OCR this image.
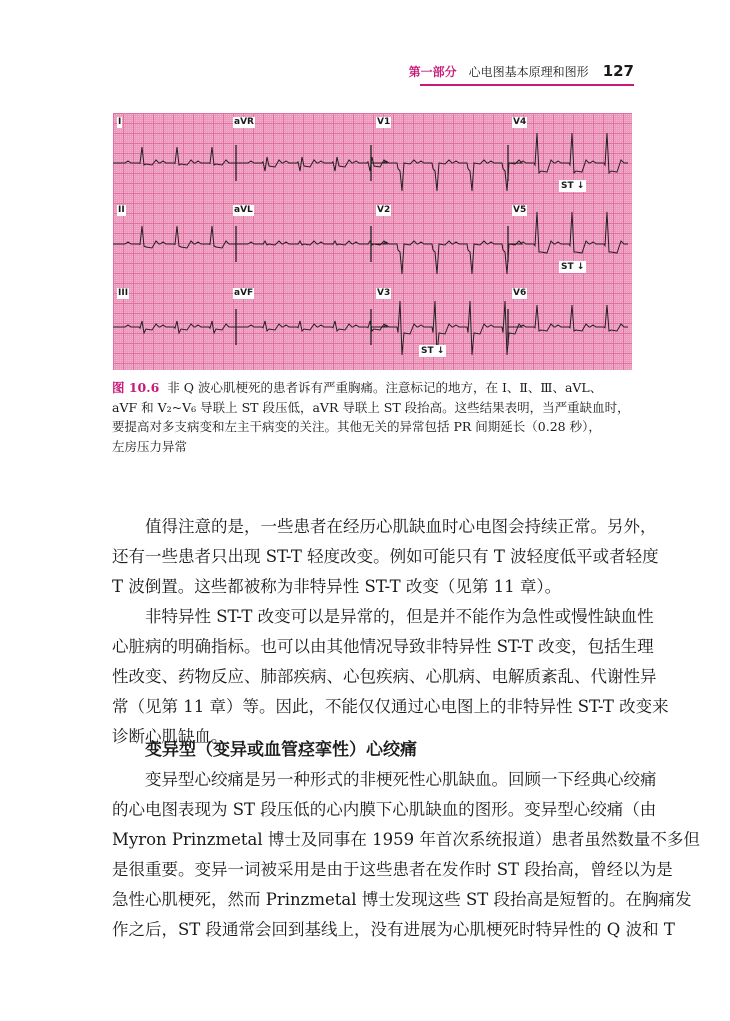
第一部分 心电图基本原理和图形 127
I	aVR	V1	V4
II	aVL	V2	V5
III	aVF	V3	V6
ST ↓
ST ↓
ST ↓
图 10.6 非 Q 波心肌梗死的患者诉有严重胸痛。注意标记的地方，在 Ⅰ、Ⅱ、Ⅲ、aVL、
aVF 和 V₂~V₆ 导联上 ST 段压低，aVR 导联上 ST 段抬高。这些结果表明，当严重缺血时，
要提高对多支病变和左主干病变的关注。其他无关的异常包括 PR 间期延长（0.28 秒），
左房压力异常
值得注意的是，一些患者在经历心肌缺血时心电图会持续正常。另外，
还有一些患者只出现 ST-T 轻度改变。例如可能只有 T 波轻度低平或者轻度
T 波倒置。这些都被称为非特异性 ST-T 改变（见第 11 章）。
非特异性 ST-T 改变可以是异常的，但是并不能作为急性或慢性缺血性
心脏病的明确指标。也可以由其他情况导致非特异性 ST-T 改变，包括生理
性改变、药物反应、肺部疾病、心包疾病、心肌病、电解质紊乱、代谢性异
常（见第 11 章）等。因此，不能仅仅通过心电图上的非特异性 ST-T 改变来
诊断心肌缺血。
变异型（变异或血管痉挛性）心绞痛
变异型心绞痛是另一种形式的非梗死性心肌缺血。回顾一下经典心绞痛
的心电图表现为 ST 段压低的心内膜下心肌缺血的图形。变异型心绞痛（由
Myron Prinzmetal 博士及同事在 1959 年首次系统报道）患者虽然数量不多但
是很重要。变异一词被采用是由于这些患者在发作时 ST 段抬高，曾经以为是
急性心肌梗死，然而 Prinzmetal 博士发现这些 ST 段抬高是短暂的。在胸痛发
作之后，ST 段通常会回到基线上，没有进展为心肌梗死时特异性的 Q 波和 T
